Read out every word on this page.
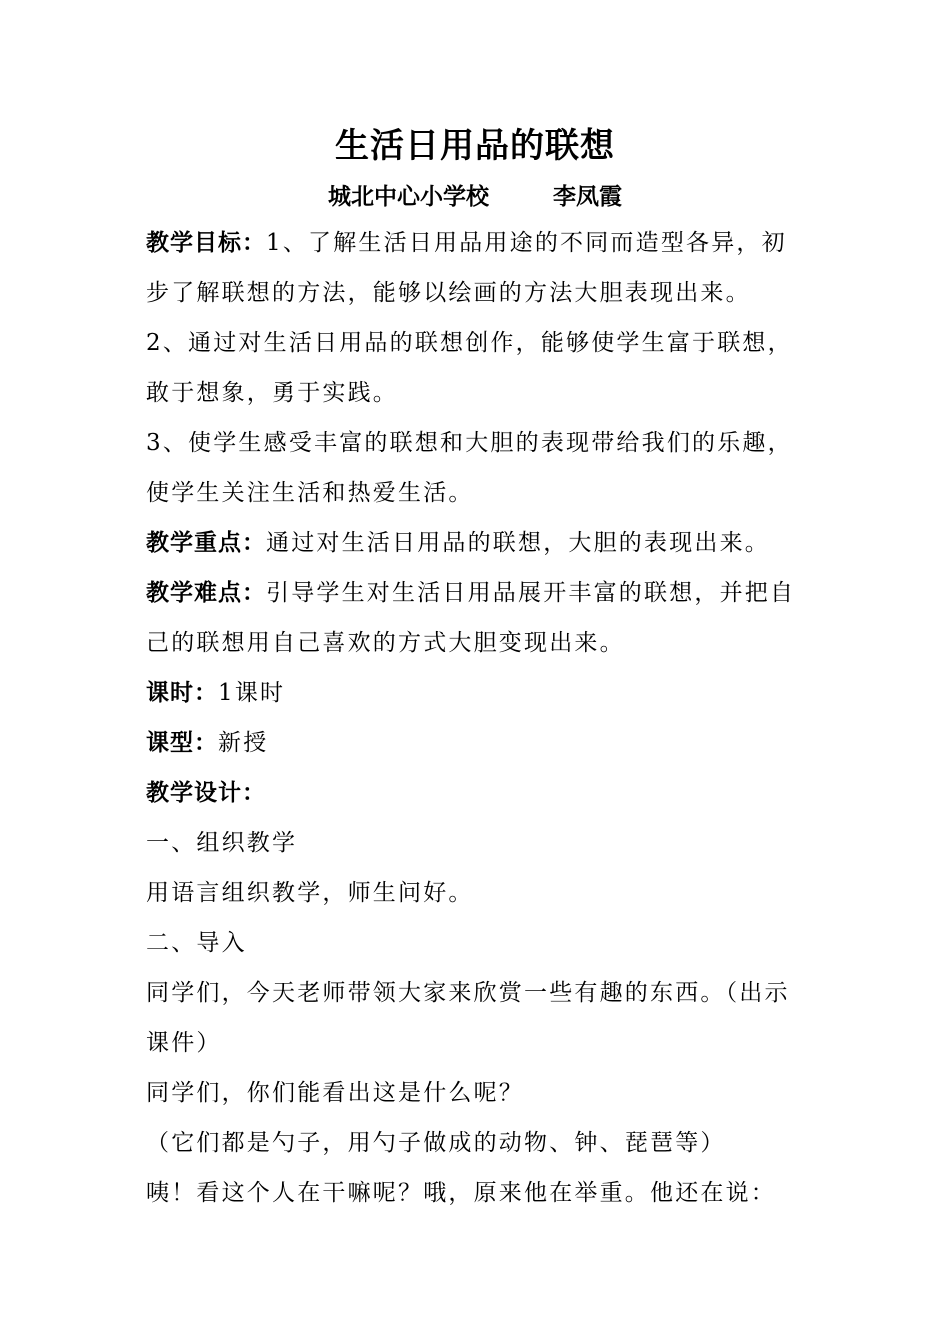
生活日用品的联想
城北中心小学校	李凤霞

教学目标：1、了解生活日用品用途的不同而造型各异，初步了解联想的方法，能够以绘画的方法大胆表现出来。

2、通过对生活日用品的联想创作，能够使学生富于联想，敢于想象，勇于实践。

3、使学生感受丰富的联想和大胆的表现带给我们的乐趣，使学生关注生活和热爱生活。

教学重点：通过对生活日用品的联想，大胆的表现出来。

教学难点：引导学生对生活日用品展开丰富的联想，并把自己的联想用自己喜欢的方式大胆变现出来。

课时：1课时

课型：新授

教学设计：

一、组织教学

用语言组织教学，师生问好。

二、导入

同学们，今天老师带领大家来欣赏一些有趣的东西。（出示课件）

同学们，你们能看出这是什么呢？

（它们都是勺子，用勺子做成的动物、钟、琵琶等）

咦！看这个人在干嘛呢？哦，原来他在举重。他还在说：
